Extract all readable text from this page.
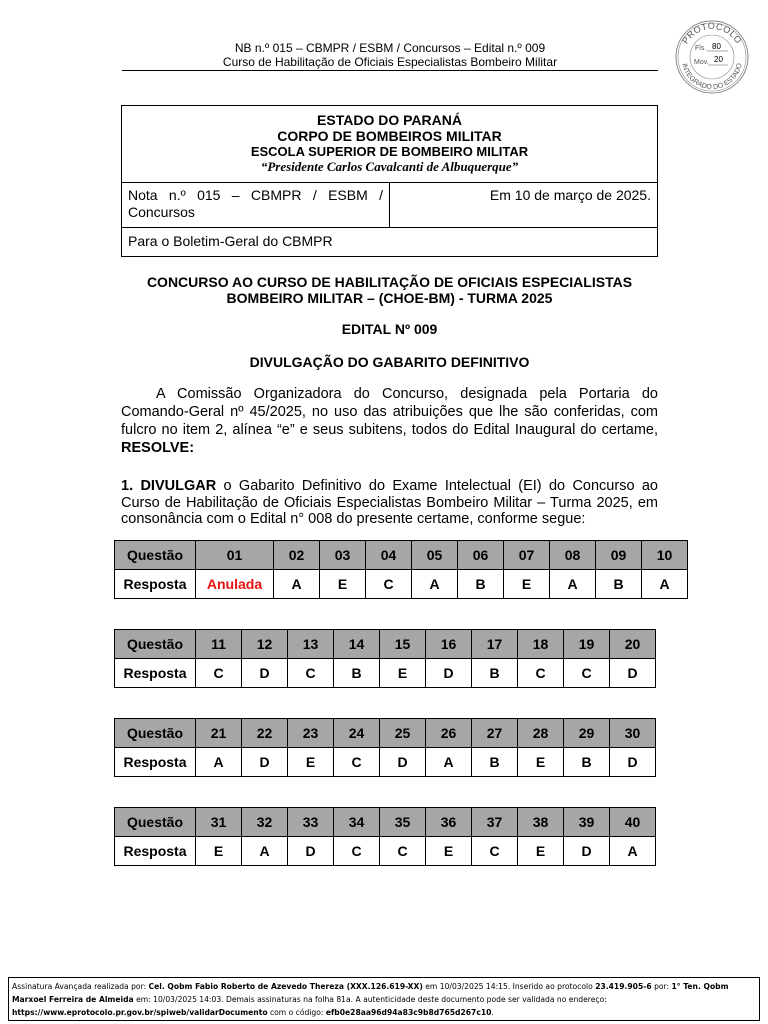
NB n.º 015 – CBMPR / ESBM / Concursos – Edital n.º 009
Curso de Habilitação de Oficiais Especialistas Bombeiro Militar
PROTOCOLO
INTEGRADO DO ESTADO
Fls. 80
Mov. 20
ESTADO DO PARANÁ
CORPO DE BOMBEIROS MILITAR
ESCOLA SUPERIOR DE BOMBEIRO MILITAR
“Presidente Carlos Cavalcanti de Albuquerque”
Nota n.º 015 – CBMPR / ESBM / Concursos
Em 10 de março de 2025.
Para o Boletim-Geral do CBMPR
CONCURSO AO CURSO DE HABILITAÇÃO DE OFICIAIS ESPECIALISTAS
BOMBEIRO MILITAR – (CHOE-BM) - TURMA 2025
EDITAL Nº 009
DIVULGAÇÃO DO GABARITO DEFINITIVO
A Comissão Organizadora do Concurso, designada pela Portaria do Comando-Geral nº 45/2025, no uso das atribuições que lhe são conferidas, com fulcro no item 2, alínea “e” e seus subitens, todos do Edital Inaugural do certame, RESOLVE:
1. DIVULGAR o Gabarito Definitivo do Exame Intelectual (EI) do Concurso ao Curso de Habilitação de Oficiais Especialistas Bombeiro Militar – Turma 2025, em consonância com o Edital n° 008 do presente certame, conforme segue:
Questão	01	02	03	04	05	06	07	08	09	10
Resposta	Anulada	A	E	C	A	B	E	A	B	A
Questão	11	12	13	14	15	16	17	18	19	20
Resposta	C	D	C	B	E	D	B	C	C	D
Questão	21	22	23	24	25	26	27	28	29	30
Resposta	A	D	E	C	D	A	B	E	B	D
Questão	31	32	33	34	35	36	37	38	39	40
Resposta	E	A	D	C	C	E	C	E	D	A
Assinatura Avançada realizada por: Cel. Qobm Fabio Roberto de Azevedo Thereza (XXX.126.619-XX) em 10/03/2025 14:15. Inserido ao protocolo 23.419.905-6 por: 1° Ten. Qobm Marxoel Ferreira de Almeida em: 10/03/2025 14:03. Demais assinaturas na folha 81a. A autenticidade deste documento pode ser validada no endereço: https://www.eprotocolo.pr.gov.br/spiweb/validarDocumento com o código: efb0e28aa96d94a83c9b8d765d267c10.
